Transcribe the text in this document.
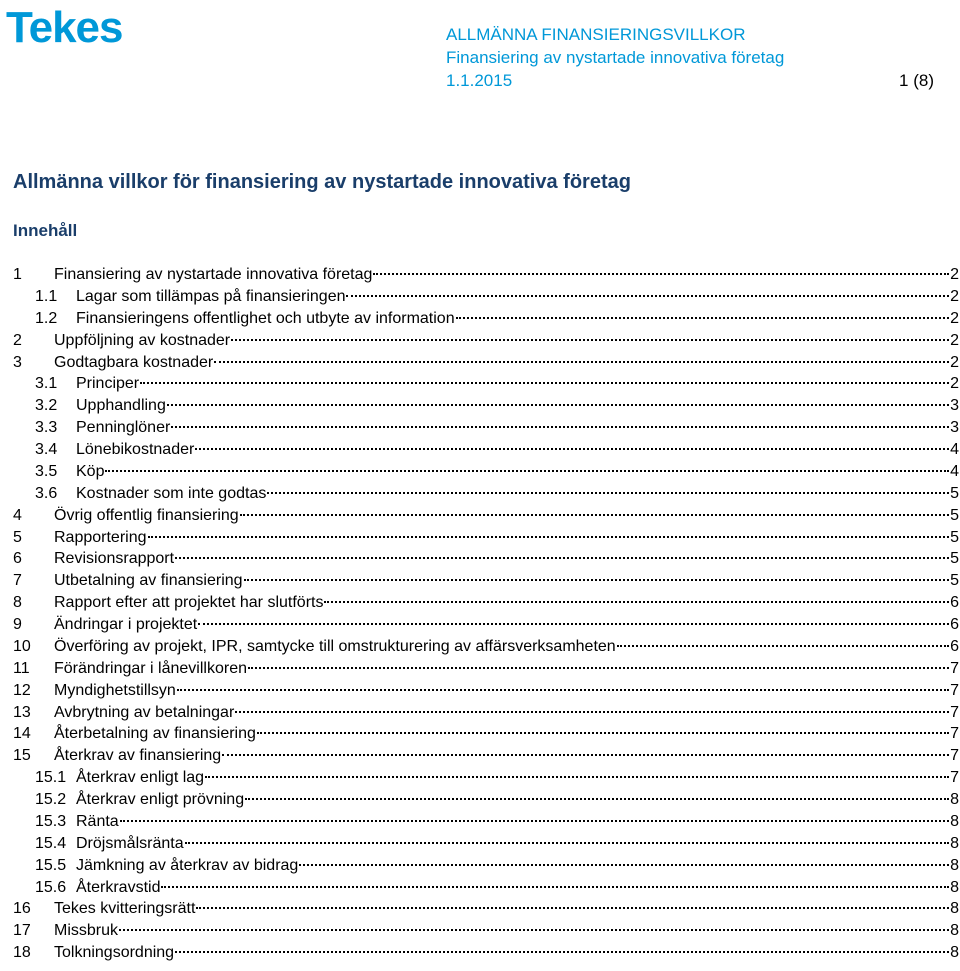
Tekes	ALLMÄNNA FINANSIERINGSVILLKOR
Finansiering av nystartade innovativa företag
1.1.2015	1 (8)
Allmänna villkor för finansiering av nystartade innovativa företag
Innehåll
1	Finansiering av nystartade innovativa företag	2
1.1	Lagar som tillämpas på finansieringen	2
1.2	Finansieringens offentlighet och utbyte av information	2
2	Uppföljning av kostnader	2
3	Godtagbara kostnader	2
3.1	Principer	2
3.2	Upphandling	3
3.3	Penninglöner	3
3.4	Lönebikostnader	4
3.5	Köp	4
3.6	Kostnader som inte godtas	5
4	Övrig offentlig finansiering	5
5	Rapportering	5
6	Revisionsrapport	5
7	Utbetalning av finansiering	5
8	Rapport efter att projektet har slutförts	6
9	Ändringar i projektet	6
10	Överföring av projekt, IPR, samtycke till omstrukturering av affärsverksamheten	6
11	Förändringar i lånevillkoren	7
12	Myndighetstillsyn	7
13	Avbrytning av betalningar	7
14	Återbetalning av finansiering	7
15	Återkrav av finansiering	7
15.1 Återkrav enligt lag	7
15.2 Återkrav enligt prövning	8
15.3 Ränta	8
15.4 Dröjsmålsränta	8
15.5 Jämkning av återkrav av bidrag	8
15.6 Återkravstid	8
16	Tekes kvitteringsrätt	8
17	Missbruk	8
18	Tolkningsordning	8
